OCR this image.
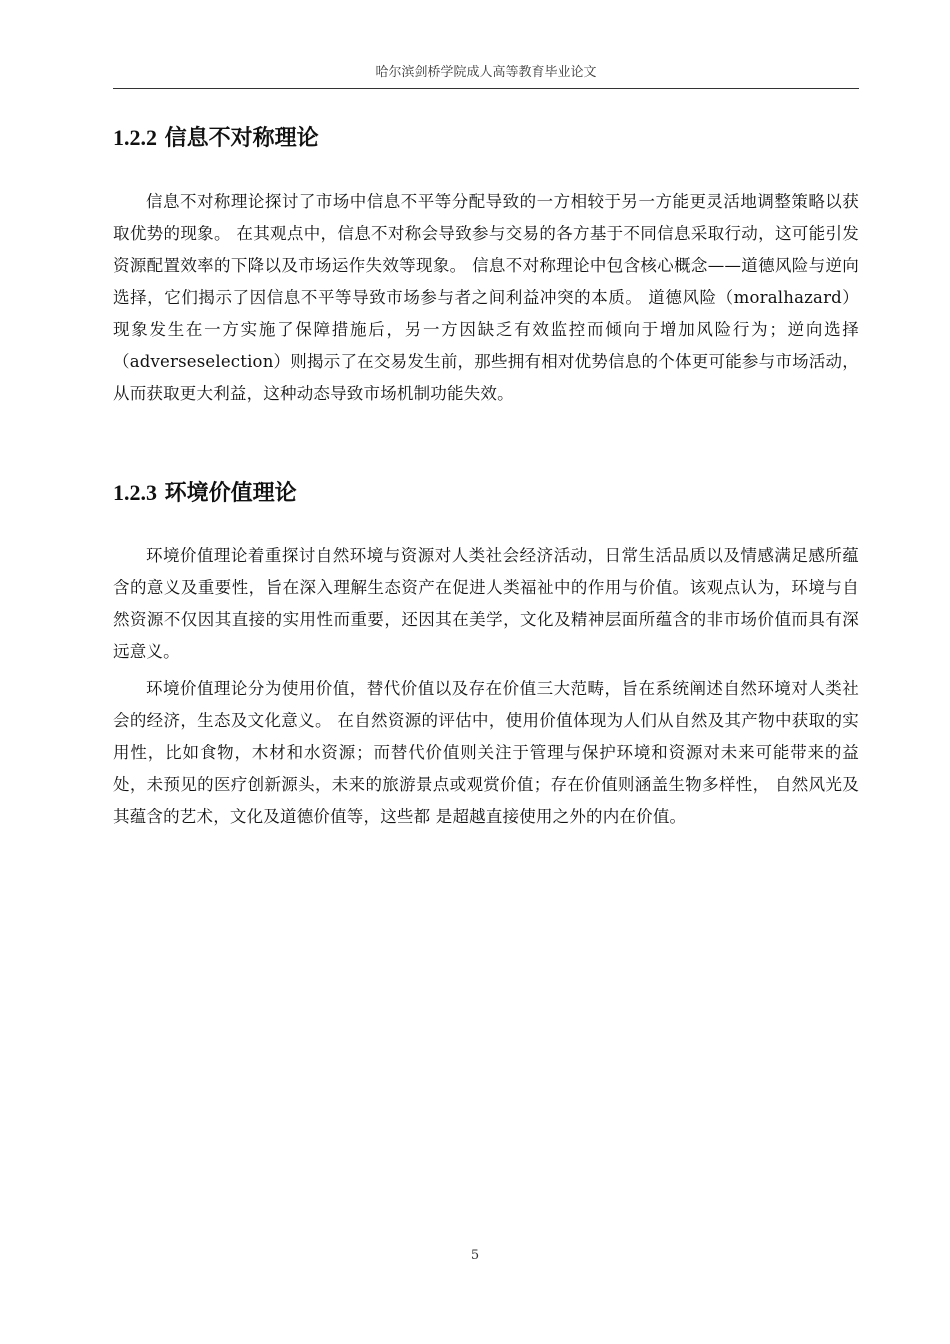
哈尔滨剑桥学院成人高等教育毕业论文
1.2.2 信息不对称理论

信息不对称理论探讨了市场中信息不平等分配导致的一方相较于另一方能更灵活地调整策略以获取优势的现象。 在其观点中，信息不对称会导致参与交易的各方基于不同信息采取行动，这可能引发资源配置效率的下降以及市场运作失效等现象。 信息不对称理论中包含核心概念——道德风险与逆向选择，它们揭示了因信息不平等导致市场参与者之间利益冲突的本质。 道德风险（moralhazard）现象发生在一方实施了保障措施后，另一方因缺乏有效监控而倾向于增加风险行为；逆向选择（adverseselection）则揭示了在交易发生前，那些拥有相对优势信息的个体更可能参与市场活动，从而获取更大利益，这种动态导致市场机制功能失效。

1.2.3 环境价值理论

环境价值理论着重探讨自然环境与资源对人类社会经济活动，日常生活品质以及情感满足感所蕴含的意义及重要性，旨在深入理解生态资产在促进人类福祉中的作用与价值。该观点认为，环境与自然资源不仅因其直接的实用性而重要，还因其在美学，文化及精神层面所蕴含的非市场价值而具有深远意义。

环境价值理论分为使用价值，替代价值以及存在价值三大范畴，旨在系统阐述自然环境对人类社会的经济，生态及文化意义。 在自然资源的评估中，使用价值体现为人们从自然及其产物中获取的实用性，比如食物，木材和水资源；而替代价值则关注于管理与保护环境和资源对未来可能带来的益处，未预见的医疗创新源头，未来的旅游景点或观赏价值；存在价值则涵盖生物多样性， 自然风光及其蕴含的艺术，文化及道德价值等，这些都 是超越直接使用之外的内在价值。

5
